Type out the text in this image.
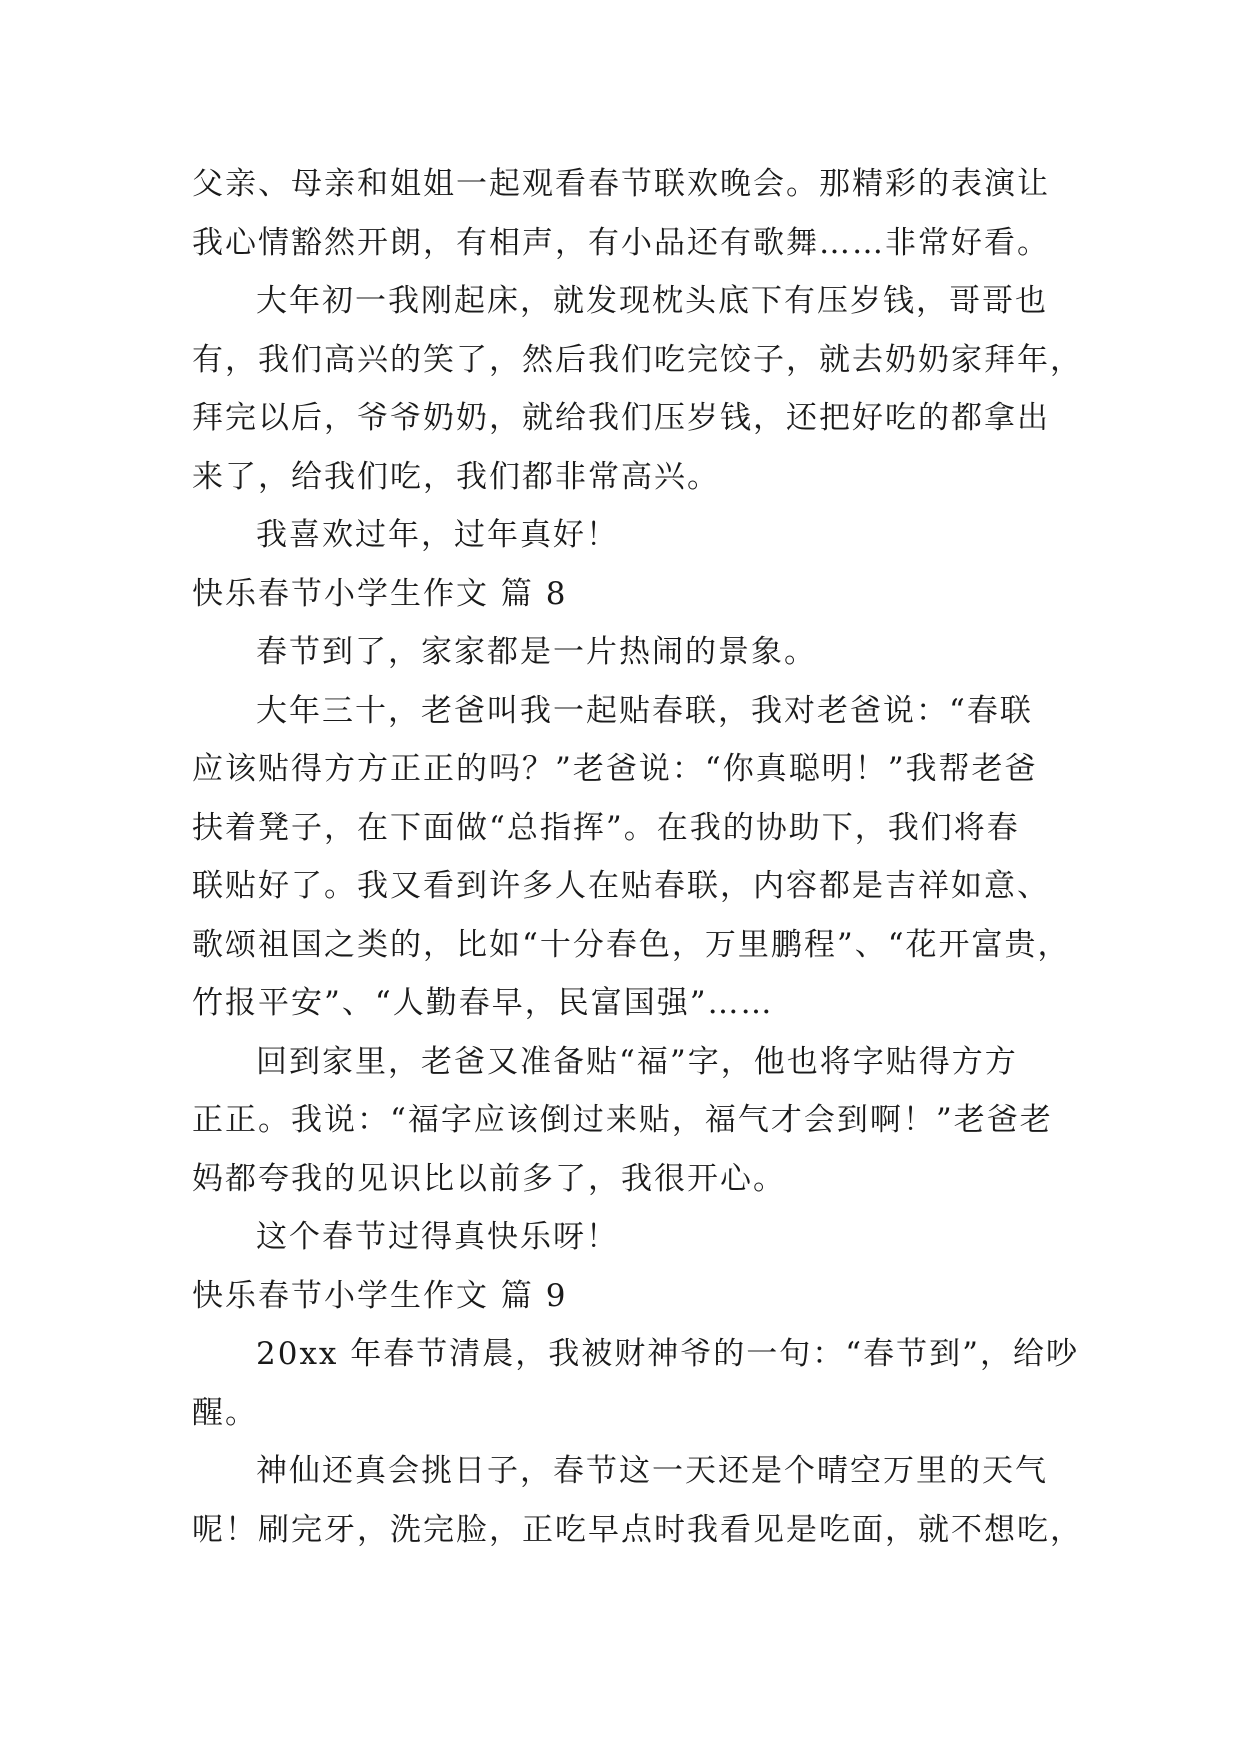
父亲、母亲和姐姐一起观看春节联欢晚会。那精彩的表演让
我心情豁然开朗，有相声，有小品还有歌舞……非常好看。
大年初一我刚起床，就发现枕头底下有压岁钱，哥哥也
有，我们高兴的笑了，然后我们吃完饺子，就去奶奶家拜年，
拜完以后，爷爷奶奶，就给我们压岁钱，还把好吃的都拿出
来了，给我们吃，我们都非常高兴。
我喜欢过年，过年真好！
快乐春节小学生作文 篇 8
春节到了，家家都是一片热闹的景象。
大年三十，老爸叫我一起贴春联，我对老爸说：“春联
应该贴得方方正正的吗？”老爸说：“你真聪明！”我帮老爸
扶着凳子，在下面做“总指挥”。在我的协助下，我们将春
联贴好了。我又看到许多人在贴春联，内容都是吉祥如意、
歌颂祖国之类的，比如“十分春色，万里鹏程”、“花开富贵，
竹报平安”、“人勤春早，民富国强”……
回到家里，老爸又准备贴“福”字，他也将字贴得方方
正正。我说：“福字应该倒过来贴，福气才会到啊！”老爸老
妈都夸我的见识比以前多了，我很开心。
这个春节过得真快乐呀！
快乐春节小学生作文 篇 9
20xx 年春节清晨，我被财神爷的一句：“春节到”，给吵
醒。
神仙还真会挑日子，春节这一天还是个晴空万里的天气
呢！刷完牙，洗完脸，正吃早点时我看见是吃面，就不想吃，
